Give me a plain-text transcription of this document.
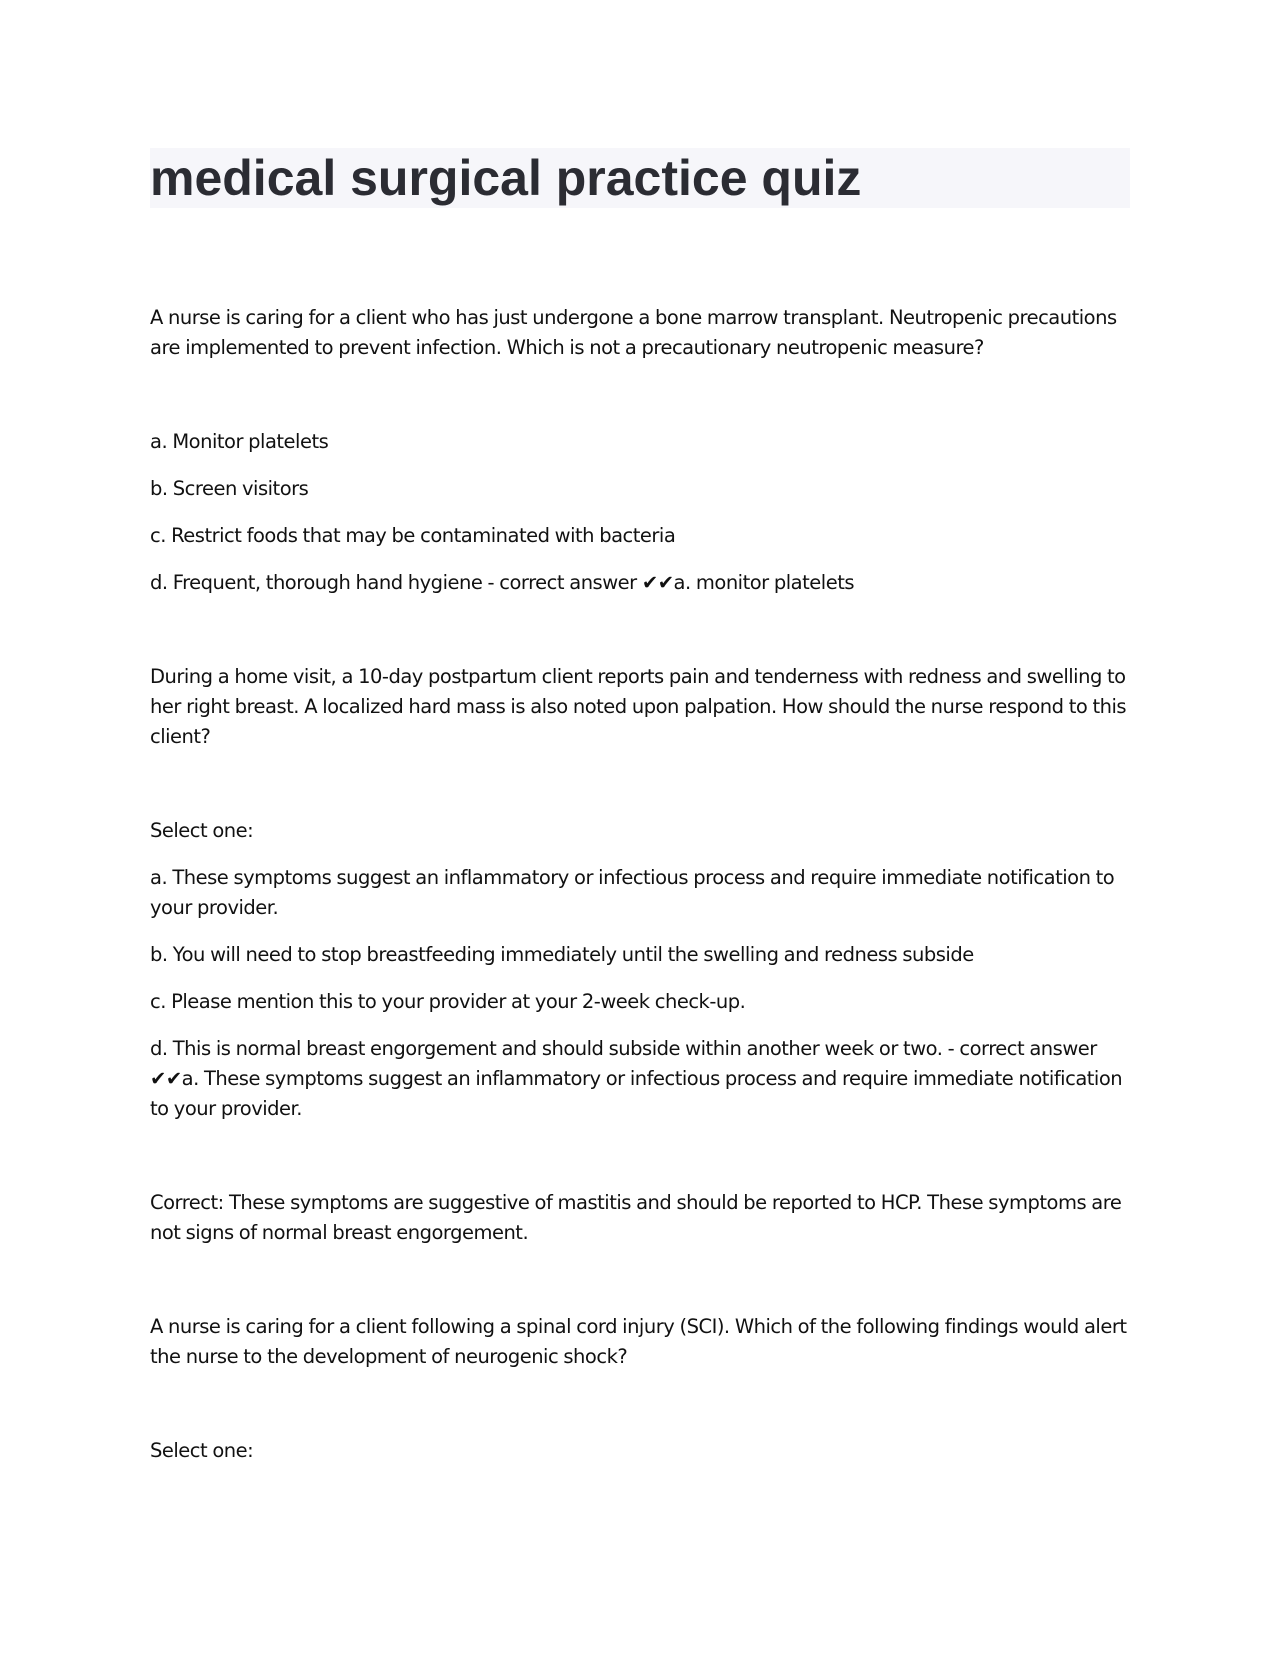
medical surgical practice quiz

A nurse is caring for a client who has just undergone a bone marrow transplant. Neutropenic precautions are implemented to prevent infection. Which is not a precautionary neutropenic measure?

a. Monitor platelets

b. Screen visitors

c. Restrict foods that may be contaminated with bacteria

d. Frequent, thorough hand hygiene - correct answer ✔✔a. monitor platelets

During a home visit, a 10-day postpartum client reports pain and tenderness with redness and swelling to her right breast. A localized hard mass is also noted upon palpation. How should the nurse respond to this client?

Select one:

a. These symptoms suggest an inflammatory or infectious process and require immediate notification to your provider.

b. You will need to stop breastfeeding immediately until the swelling and redness subside

c. Please mention this to your provider at your 2-week check-up.

d. This is normal breast engorgement and should subside within another week or two. - correct answer ✔✔a. These symptoms suggest an inflammatory or infectious process and require immediate notification to your provider.

Correct: These symptoms are suggestive of mastitis and should be reported to HCP. These symptoms are not signs of normal breast engorgement.

A nurse is caring for a client following a spinal cord injury (SCI). Which of the following findings would alert the nurse to the development of neurogenic shock?

Select one:
